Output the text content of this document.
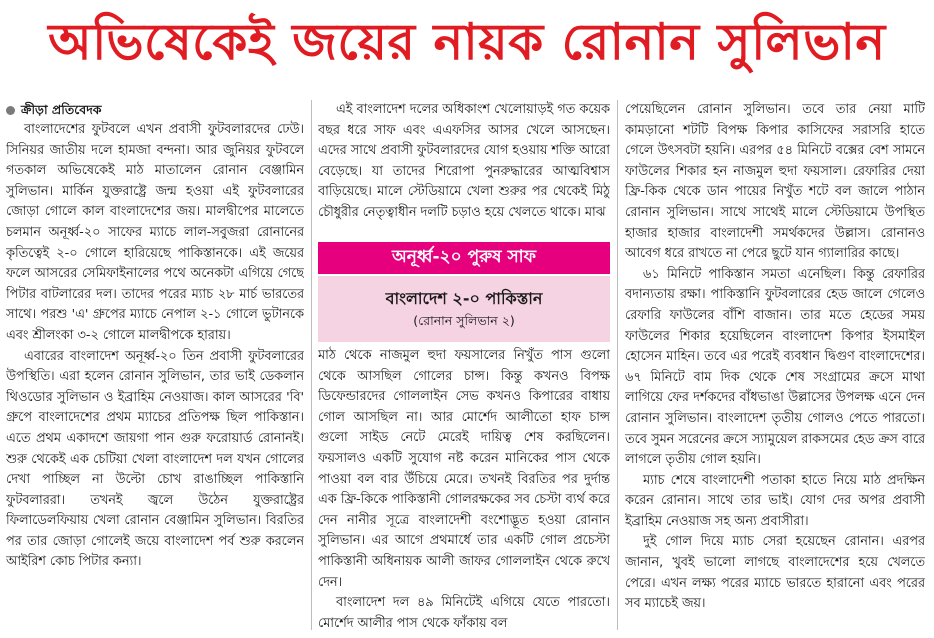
অভিষেকেই জয়ের নায়ক রোনান সুলিভান
ক্রীড়া প্রতিবেদক

বাংলাদেশের ফুটবলে এখন প্রবাসী ফুটবলারদের ঢেউ। সিনিয়র জাতীয় দলে হামজা বন্দনা। আর জুনিয়র ফুটবলে গতকাল অভিষেকেই মাঠ মাতালেন রোনান বেঞ্জামিন সুলিভান। মার্কিন যুক্তরাষ্ট্রে জন্ম হওয়া এই ফুটবলারের জোড়া গোলে কাল বাংলাদেশের জয়। মালদ্বীপের মালেতে চলমান অনূর্ধ্ব-২০ সাফের ম্যাচে লাল-সবুজরা রোনানের কৃতিত্বেই ২-০ গোলে হারিয়েছে পাকিস্তানকে। এই জয়ের ফলে আসরের সেমিফাইনালের পথে অনেকটা এগিয়ে গেছে পিটার বাটলারের দল। তাদের পরের ম্যাচ ২৮ মার্চ ভারতের সাথে। পরশু 'এ' গ্রুপের ম্যাচে নেপাল ২-১ গোলে ভুটানকে এবং শ্রীলংকা ৩-২ গোলে মালদ্বীপকে হারায়।

এবারের বাংলাদেশ অনূর্ধ্ব-২০ তিন প্রবাসী ফুটবলারের উপস্থিতি। এরা হলেন রোনান সুলিভান, তার ভাই ডেকলান থিওডোর সুলিভান ও ইব্রাহিম নেওয়াজ। কাল আসরের 'বি' গ্রুপে বাংলাদেশের প্রথম ম্যাচের প্রতিপক্ষ ছিল পাকিস্তান। এতে প্রথম একাদশে জায়গা পান গুরু ফরোয়ার্ড রোনানই। শুরু থেকেই এক চেটিয়া খেলা বাংলাদেশ দল যখন গোলের দেখা পাচ্ছিল না উল্টো চোখ রাঙাচ্ছিল পাকিস্তানি ফুটবলাররা। তখনই জ্বলে উঠেন যুক্তরাষ্ট্রের ফিলাডেলফিয়ায় খেলা রোনান বেঞ্জামিন সুলিভান। বিরতির পর তার জোড়া গোলেই জয়ে বাংলাদেশ পর্ব শুরু করলেন আইরিশ কোচ পিটার কন্যা।

এই বাংলাদেশ দলের অধিকাংশ খেলোয়াড়ই গত কয়েক বছর ধরে সাফ এবং এএফসির আসর খেলে আসছেন। এদের সাথে প্রবাসী ফুটবলারদের যোগ হওয়ায় শক্তি আরো বেড়েছে। যা তাদের শিরোপা পুনরুদ্ধারের আত্মবিশ্বাস বাড়িয়েছে। মালে স্টেডিয়ামে খেলা শুরুর পর থেকেই মিঠু চৌধুরীর নেতৃত্বাধীন দলটি চড়াও হয়ে খেলতে থাকে। মাঝ

অনূর্ধ্ব-২০ পুরুষ সাফ
বাংলাদেশ ২-০ পাকিস্তান
(রোনান সুলিভান ২)

মাঠ থেকে নাজমুল হুদা ফয়সালের নিখুঁত পাস গুলো থেকে আসছিল গোলের চান্স। কিন্তু কখনও বিপক্ষ ডিফেন্ডারদের গোললাইন সেভ কখনও কিপারের বাধায় গোল আসছিল না। আর মোর্শেদ আলীতো হাফ চান্স গুলো সাইড নেটে মেরেই দায়িত্ব শেষ করছিলেন। ফয়সালও একটি সুযোগ নষ্ট করেন মানিকের পাস থেকে পাওয়া বল বার উঁচিয়ে মেরে। তখনই বিরতির পর দুর্দান্ত এক ফ্রি-কিকে পাকিস্তানী গোলরক্ষকের সব চেস্টা ব্যর্থ করে দেন নানীর সূত্রে বাংলাদেশী বংশোদ্ভূত হওয়া রোনান সুলিভান। এর আগে প্রথমার্ধে তার একটি গোল প্রচেস্টা পাকিস্তানী অধিনায়ক আলী জাফর গোললাইন থেকে রুখে দেন।

বাংলাদেশ দল ৪৯ মিনিটেই এগিয়ে যেতে পারতো। মোর্শেদ আলীর পাস থেকে ফাঁকায় বল

পেয়েছিলেন রোনান সুলিভান। তবে তার নেয়া মাটি কামড়ানো শটটি বিপক্ষ কিপার কাসিফের সরাসরি হাতে গেলে উৎসবটা হয়নি। এরপর ৫৪ মিনিটে বক্সের বেশ সামনে ফাউলের শিকার হন নাজমুল হুদা ফয়সাল। রেফারির দেয়া ফ্রি-কিক থেকে ডান পায়ের নিখুঁত শটে বল জালে পাঠান রোনান সুলিভান। সাথে সাথেই মালে স্টেডিয়ামে উপস্থিত হাজার হাজার বাংলাদেশী সমর্থকদের উল্লাস। রোনানও আবেগ ধরে রাখতে না পেরে ছুটে যান গ্যালারির কাছে।

৬১ মিনিটে পাকিস্তান সমতা এনেছিল। কিন্তু রেফারির বদান্যতায় রক্ষা। পাকিস্তানি ফুটবলারের হেড জালে গেলেও রেফারি ফাউলের বাঁশি বাজান। তার মতে হেডের সময় ফাউলের শিকার হয়েছিলেন বাংলাদেশ কিপার ইসমাইল হোসেন মাহিন। তবে এর পরেই ব্যবধান দ্বিগুণ বাংলাদেশের। ৬৭ মিনিটে বাম দিক থেকে শেষ সংগ্রামের ক্রসে মাথা লাগিয়ে ফের দর্শকদের বাঁধভাঙা উল্লাসের উপলক্ষ এনে দেন রোনান সুলিভান। বাংলাদেশ তৃতীয় গোলও পেতে পারতো। তবে সুমন সরেনের ক্রসে স্যামুয়েল রাকসমের হেড ক্রস বারে লাগলে তৃতীয় গোল হয়নি।

ম্যাচ শেষে বাংলাদেশী পতাকা হাতে নিয়ে মাঠ প্রদক্ষিন করেন রোনান। সাথে তার ভাই। যোগ দের অপর প্রবাসী ইব্রাহিম নেওয়াজ সহ অন্য প্রবাসীরা।

দুই গোল দিয়ে ম্যাচ সেরা হয়েছেন রোনান। এরপর জানান, খুবই ভালো লাগছে বাংলাদেশের হয়ে খেলতে পেরে। এখন লক্ষ্য পরের ম্যাচে ভারতে হারানো এবং পরের সব ম্যাচেই জয়।
